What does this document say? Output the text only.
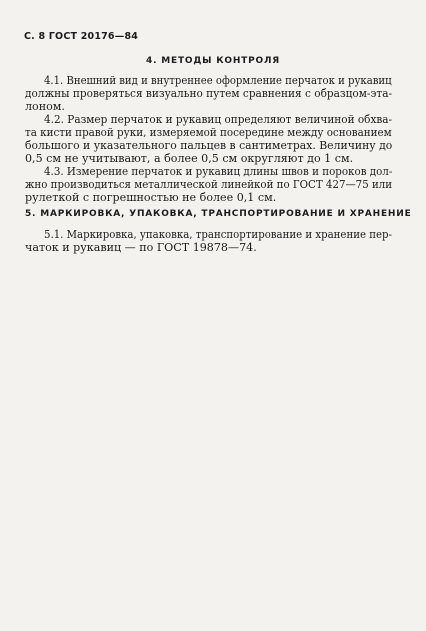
С. 8 ГОСТ 20176—84
4. МЕТОДЫ КОНТРОЛЯ
4.1. Внешний вид и внутреннее оформление перчаток и рукавиц
должны проверяться визуально путем сравнения с образцом-эта-
лоном.
4.2. Размер перчаток и рукавиц определяют величиной обхва-
та кисти правой руки, измеряемой посередине между основанием
большого и указательного пальцев в сантиметрах. Величину до
0,5 см не учитывают, а более 0,5 см округляют до 1 см.
4.3. Измерение перчаток и рукавиц длины швов и пороков дол-
жно производиться металлической линейкой по ГОСТ 427—75 или
рулеткой с погрешностью не более 0,1 см.
5. МАРКИРОВКА, УПАКОВКА, ТРАНСПОРТИРОВАНИЕ И ХРАНЕНИЕ
5.1. Маркировка, упаковка, транспортирование и хранение пер-
чаток и рукавиц — по ГОСТ 19878—74.
